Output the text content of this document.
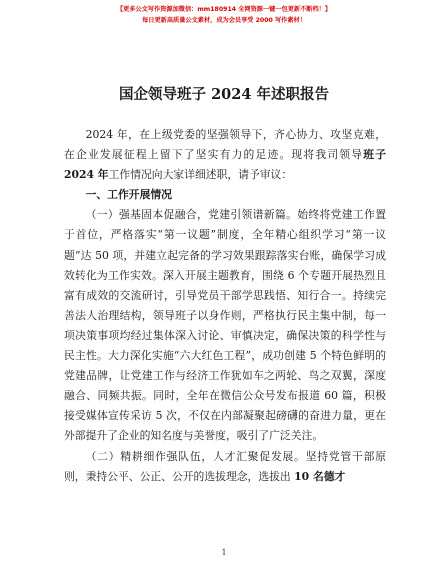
【更多公文写作资源加微信：mm180914 全网资源一键一包更新不断档！】
每日更新高质量公文素材，成为会员享受 2000 写作素材！
国企领导班子 2024 年述职报告

2024 年，在上级党委的坚强领导下，齐心协力、攻坚克难，在企业发展征程上留下了坚实有力的足迹。现将我司领导班子 2024 年工作情况向大家详细述职，请予审议：

一、工作开展情况

（一）强基固本促融合，党建引领谱新篇。始终将党建工作置于首位，严格落实“第一议题”制度，全年精心组织学习“第一议题”达 50 项，并建立起完备的学习效果跟踪落实台账，确保学习成效转化为工作实效。深入开展主题教育，围绕 6 个专题开展热烈且富有成效的交流研讨，引导党员干部学思践悟、知行合一。持续完善法人治理结构，领导班子以身作则，严格执行民主集中制，每一项决策事项均经过集体深入讨论、审慎决定，确保决策的科学性与民主性。大力深化实施“六大红色工程”，成功创建 5 个特色鲜明的党建品牌，让党建工作与经济工作犹如车之两轮、鸟之双翼，深度融合、同频共振。同时，全年在微信公众号发布报道 60 篇，积极接受媒体宣传采访 5 次，不仅在内部凝聚起磅礴的奋进力量，更在外部提升了企业的知名度与美誉度，吸引了广泛关注。

（二）精耕细作强队伍，人才汇聚促发展。坚持党管干部原则，秉持公平、公正、公开的选拔理念，选拔出 10 名德才

1
